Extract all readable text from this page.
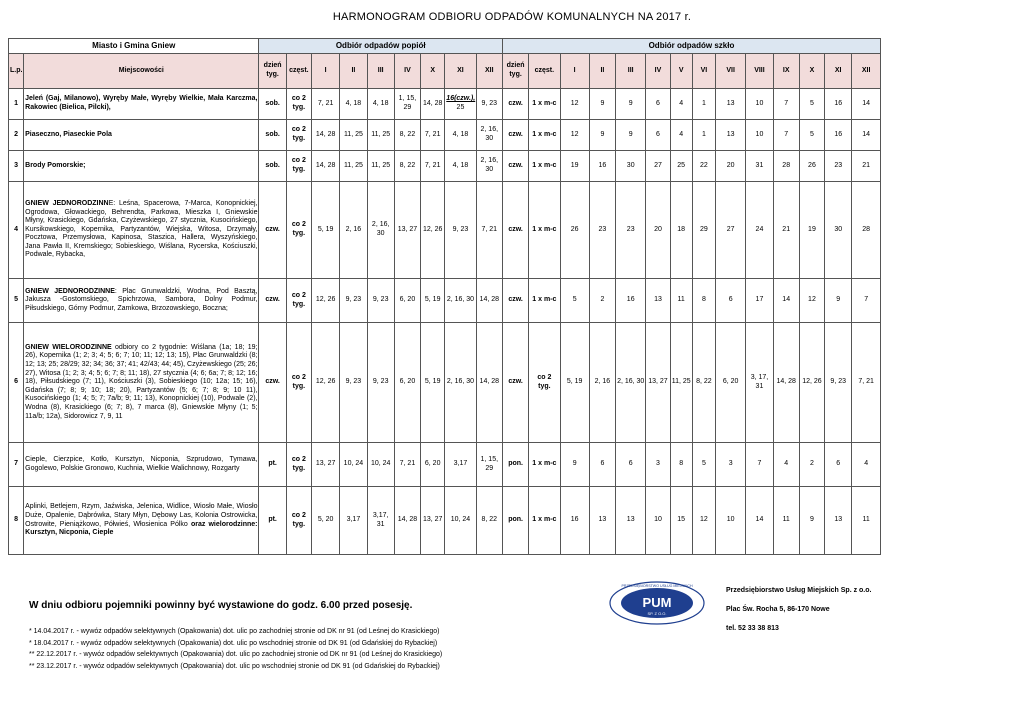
HARMONOGRAM ODBIORU ODPADÓW KOMUNALNYCH NA 2017 r.
Miasto i Gmina Gniew		Odbiór odpadów popiół									Odbiór odpadów szkło													
L.p.	Miejscowości	dzień tyg.	częst.	I	II	III	IV	X	XI	XII	dzień tyg.	częst.	I	II	III	IV	V	VI	VII	VIII	IX	X	XI	XII
1	Jeleń (Gaj, Milanowo), Wyręby Małe, Wyręby Wielkie, Mała Karczma, Rakowiec (Bielica, Pilcki),	sob.	co 2 tyg.	7, 21	4, 18	4, 18	1, 15, 29	14, 28	16(czw.),
25	9, 23	czw.	1 x m-c	12	9	9	6	4	1	13	10	7	5	16	14
2	Piaseczno, Piaseckie Pola	sob.	co 2 tyg.	14, 28	11, 25	11, 25	8, 22	7, 21	4, 18	2, 16, 30	czw.	1 x m-c	12	9	9	6	4	1	13	10	7	5	16	14
3	Brody Pomorskie;	sob.	co 2 tyg.	14, 28	11, 25	11, 25	8, 22	7, 21	4, 18	2, 16, 30	czw.	1 x m-c	19	16	30	27	25	22	20	31	28	26	23	21
4	GNIEW JEDNORODZINNE: Leśna, Spacerowa, 7-Marca, Konopnickiej, Ogrodowa, Głowackiego, Behrendta, Parkowa, Mieszka I, Gniewskie Młyny, Krasickiego, Gdańska, Czyżewskiego, 27 stycznia, Kusocińskiego, Kursikowskiego, Kopernika, Partyzantów, Wiejska, Witosa, Drzymały, Pocztowa, Przemysłowa, Kapinosa, Staszica, Hallera, Wyszyńskiego, Jana Pawła II, Kremskiego; Sobieskiego, Wiślana, Rycerska, Kościuszki, Podwale, Rybacka,	czw.	co 2 tyg.	5, 19	2, 16	2, 16, 30	13, 27	12, 26	9, 23	7, 21	czw.	1 x m-c	26	23	23	20	18	29	27	24	21	19	30	28
5	GNIEW JEDNORODZINNE: Plac Grunwaldzki, Wodna, Pod Basztą, Jakusza -Gostomskiego, Spichrzowa, Sambora, Dolny Podmur, Piłsudskiego, Górny Podmur, Zamkowa, Brzozowskiego, Boczna;	czw.	co 2 tyg.	12, 26	9, 23	9, 23	6, 20	5, 19	2, 16, 30	14, 28	czw.	1 x m-c	5	2	16	13	11	8	6	17	14	12	9	7
6	GNIEW WIELORODZINNE odbiory co 2 tygodnie: Wiślana (1a; 18; 19; 26), Kopernika (1; 2; 3; 4; 5; 6; 7; 10; 11; 12; 13; 15), Plac Grunwaldzki (8; 12; 13; 25; 28/29; 32; 34; 36; 37; 41; 42/43; 44; 45), Czyżewskiego (25; 26; 27), Witosa (1; 2; 3; 4; 5; 6; 7; 8; 11; 18), 27 stycznia (4; 6; 6a; 7; 8; 12; 16; 18), Piłsudskiego (7; 11), Kościuszki (3), Sobieskiego (10; 12a; 15; 16), Gdańska (7; 8; 9; 10; 18; 20), Partyzantów (5; 6; 7; 8; 9; 10 11), Kusocińskiego (1; 4; 5; 7; 7a/b; 9; 11; 13), Konopnickiej (10), Podwale (2), Wodna (8), Krasickiego (6; 7; 8), 7 marca (8), Gniewskie Młyny (1; 5; 11a/b; 12a), Sidorowicz 7, 9, 11	czw.	co 2 tyg.	12, 26	9, 23	9, 23	6, 20	5, 19	2, 16, 30	14, 28	czw.	co 2 tyg.	5, 19	2, 16	2, 16, 30	13, 27	11, 25	8, 22	6, 20	3, 17, 31	14, 28	12, 26	9, 23	7, 21
7	Cieple, Cierzpice, Kotło, Kursztyn, Nicponia, Szprudowo, Tymawa, Gogolewo, Polskie Gronowo, Kuchnia, Wielkie Walichnowy, Rozgarty	pt.	co 2 tyg.	13, 27	10, 24	10, 24	7, 21	6, 20	3,17	1, 15, 29	pon.	1 x m-c	9	6	6	3	8	5	3	7	4	2	6	4
8	Aplinki, Betlejem, Rzym, Jaźwiska, Jelenica, Widlice, Wiosło Małe, Wiosło Duże, Opalenie, Dąbrówka, Stary Młyn, Dębowy Las, Kolonia Ostrowicka, Ostrowite, Pieniążkowo, Półwieś, Włosienica Pólko oraz wielorodzinne: Kursztyn, Nicponia, Cieple	pt.	co 2 tyg.	5, 20	3,17	3,17, 31	14, 28	13, 27	10, 24	8, 22	pon.	1 x m-c	16	13	13	10	15	12	10	14	11	9	13	11
PUM
SP. Z O.O.
PRZEDSIĘBIORSTWO USŁUG MIEJSKICH
Przedsiębiorstwo Usług Miejskich Sp. z o.o.
Plac Św. Rocha 5, 86-170 Nowe
tel. 52 33 38 813
W dniu odbioru pojemniki powinny być wystawione do godz. 6.00 przed posesję.
* 14.04.2017 r. - wywóz odpadów selektywnych (Opakowania) dot. ulic po zachodniej stronie od DK nr 91 (od Leśnej do Krasickiego)
* 18.04.2017 r. - wywóz odpadów selektywnych (Opakowania) dot. ulic po wschodniej stronie od DK 91 (od Gdańskiej do Rybackiej)
** 22.12.2017 r. - wywóz odpadów selektywnych (Opakowania) dot. ulic po zachodniej stronie od DK nr 91 (od Leśnej do Krasickiego)
** 23.12.2017 r. - wywóz odpadów selektywnych (Opakowania) dot. ulic po wschodniej stronie od DK 91 (od Gdańskiej do Rybackiej)
